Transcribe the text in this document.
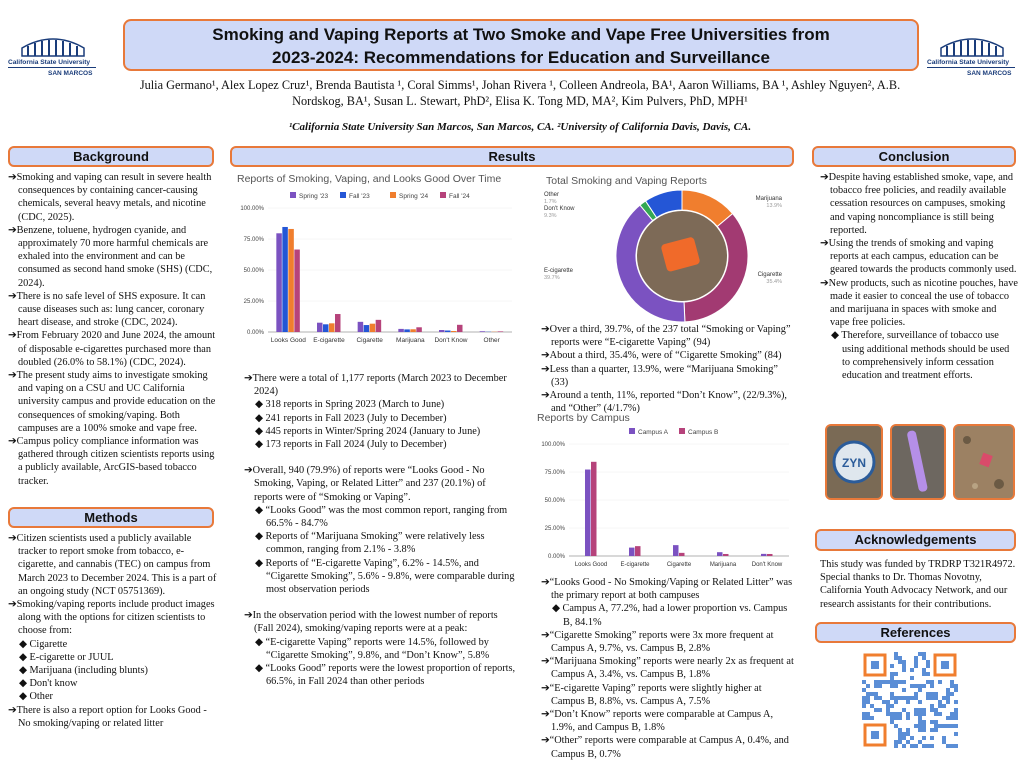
California State University
SAN MARCOS
California State University
SAN MARCOS
Smoking and Vaping Reports at Two Smoke and Vape Free Universities from
2023-2024: Recommendations for Education and Surveillance
Julia Germano¹, Alex Lopez Cruz¹, Brenda Bautista ¹, Coral Simms¹, Johan Rivera ¹, Colleen Andreola, BA¹, Aaron Williams, BA ¹, Ashley Nguyen², A.B.
Nordskog, BA¹, Susan L. Stewart, PhD², Elisa K. Tong MD, MA², Kim Pulvers, PhD, MPH¹
¹California State University San Marcos, San Marcos, CA. ²University of California Davis, Davis, CA.
Background

➔Smoking and vaping can result in severe health consequences by containing cancer-causing chemicals, several heavy metals, and nicotine (CDC, 2025).

➔Benzene, toluene, hydrogen cyanide, and approximately 70 more harmful chemicals are exhaled into the environment and can be consumed as second hand smoke (SHS) (CDC, 2024).

➔There is no safe level of SHS exposure. It can cause diseases such as: lung cancer, coronary heart disease, and stroke (CDC, 2024).

➔From February 2020 and June 2024, the amount of disposable e-cigarettes purchased more than doubled (26.0% to 58.1%) (CDC, 2024).

➔The present study aims to investigate smoking and vaping on a CSU and UC California university campus and provide education on the consequences of smoking/vaping. Both campuses are a 100% smoke and vape free.

➔Campus policy compliance information was gathered through citizen scientists reports using a publicly available, ArcGIS-based tobacco tracker.

Methods

➔Citizen scientists used a publicly available tracker to report smoke from tobacco, e-cigarette, and cannabis (TEC) on campus from March 2023 to December 2024. This is a part of an ongoing study (NCT 05751369).

➔Smoking/vaping reports include product images along with the options for citizen scientists to choose from:

◆ Cigarette

◆ E-cigarette or JUUL

◆ Marijuana (including blunts)

◆ Don't know

◆ Other

➔There is also a report option for Looks Good - No smoking/vaping or related litter

Results
Reports of Smoking, Vaping, and Looks Good Over Time
Spring '23	Fall '23	Spring '24	Fall '24
100.00%
75.00%
50.00%
25.00%
0.00%
Looks Good E-cigarette Cigarette Marijuana Don't Know Other

➔There were a total of 1,177 reports (March 2023 to December 2024)

◆ 318 reports in Spring 2023 (March to June)

◆ 241 reports in Fall 2023 (July to December)

◆ 445 reports in Winter/Spring 2024 (January to June)

◆ 173 reports in Fall 2024 (July to December)

➔Overall, 940 (79.9%) of reports were “Looks Good - No Smoking, Vaping, or Related Litter” and 237 (20.1%) of reports were of “Smoking or Vaping”.

◆ “Looks Good” was the most common report, ranging from 66.5% - 84.7%

◆ Reports of “Marijuana Smoking” were relatively less common, ranging from 2.1% - 3.8%

◆ Reports of “E-cigarette Vaping”, 6.2% - 14.5%, and “Cigarette Smoking”, 5.6% - 9.8%, were comparable during most observation periods

➔In the observation period with the lowest number of reports (Fall 2024), smoking/vaping reports were at a peak:

◆ “E-cigarette Vaping” reports were 14.5%, followed by “Cigarette Smoking”, 9.8%, and “Don’t Know”, 5.8%

◆ “Looks Good” reports were the lowest proportion of reports, 66.5%, in Fall 2024 than other periods

Total Smoking and Vaping Reports
Other
1.7%
Don't Know
9.3%
Marijuana
13.9%
E-cigarette
39.7%	Cigarette
35.4%

➔Over a third, 39.7%, of the 237 total “Smoking or Vaping” reports were “E-cigarette Vaping” (94)

➔About a third, 35.4%, were of “Cigarette Smoking” (84)

➔Less than a quarter, 13.9%, were “Marijuana Smoking” (33)

➔Around a tenth, 11%, reported “Don’t Know”, (22/9.3%), and “Other” (4/1.7%)

Reports by Campus
Campus A	Campus B
100.00%
75.00%
50.00%
25.00%
0.00%
Looks Good E-cigarette	Cigarette	Marijuana	Don't Know

➔“Looks Good - No Smoking/Vaping or Related Litter” was the primary report at both campuses

◆ Campus A, 77.2%, had a lower proportion vs. Campus B, 84.1%

➔“Cigarette Smoking” reports were 3x more frequent at Campus A, 9.7%, vs. Campus B, 2.8%

➔“Marijuana Smoking” reports were nearly 2x as frequent at Campus A, 3.4%, vs. Campus B, 1.8%

➔“E-cigarette Vaping” reports were slightly higher at Campus B, 8.8%, vs. Campus A, 7.5%

➔“Don’t Know” reports were comparable at Campus A, 1.9%, and Campus B, 1.8%

➔“Other” reports were comparable at Campus A, 0.4%, and Campus B, 0.7%

Conclusion

➔Despite having established smoke, vape, and tobacco free policies, and readily available cessation resources on campuses, smoking and vaping noncompliance is still being reported.

➔Using the trends of smoking and vaping reports at each campus, education can be geared towards the products commonly used.

➔New products, such as nicotine pouches, have made it easier to conceal the use of tobacco and marijuana in spaces with smoke and vape free policies.

◆ Therefore, surveillance of tobacco use using additional methods should be used to comprehensively inform cessation education and treatment efforts.

ZYN
Acknowledgements
This study was funded by TRDRP T321R4972. Special thanks to Dr. Thomas Novotny, California Youth Advocacy Network, and our research assistants for their contributions.
References
